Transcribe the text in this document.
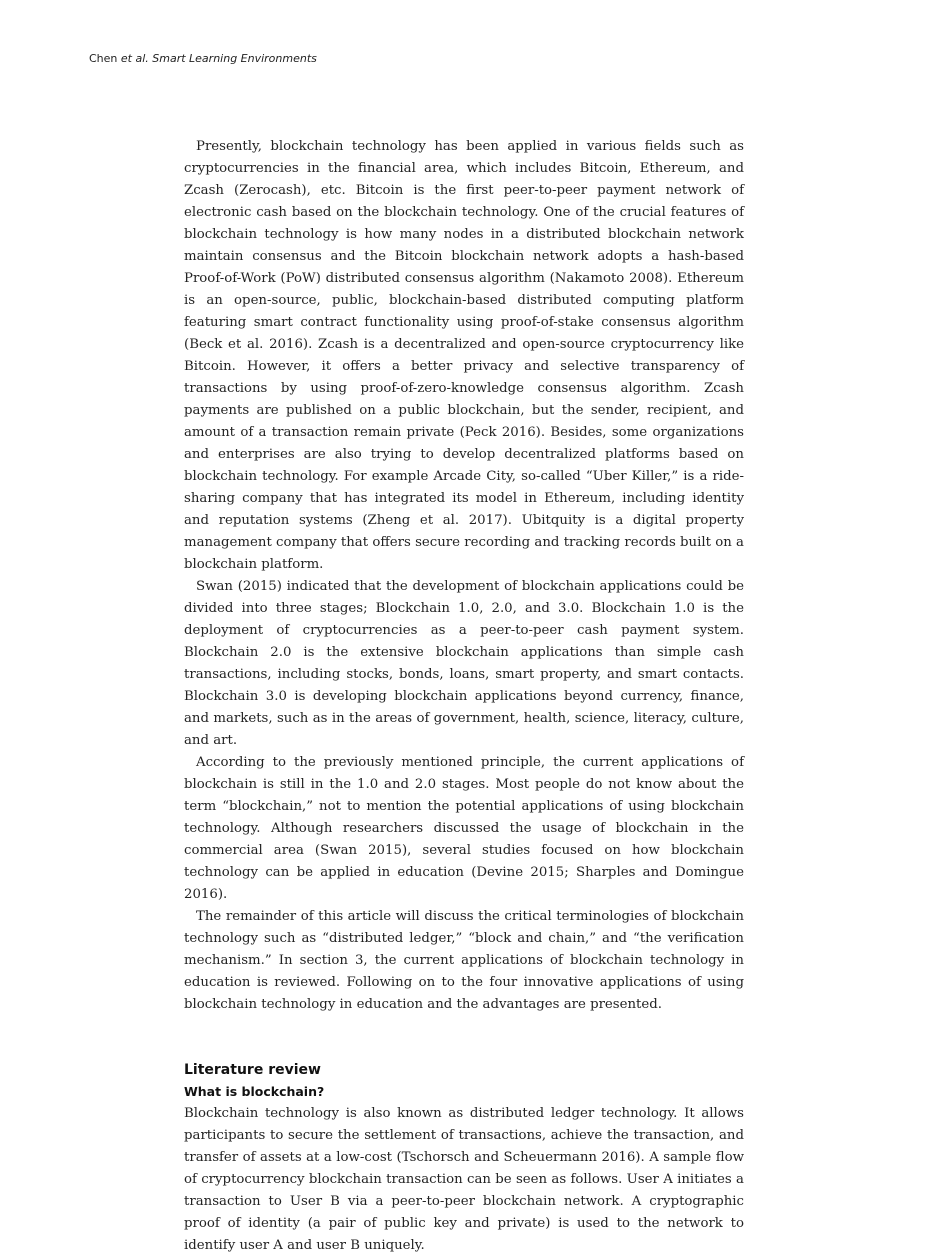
Chen et al. Smart Learning Environments

Presently, blockchain technology has been applied in various fields such as cryptocurrencies in the financial area, which includes Bitcoin, Ethereum, and Zcash (Zerocash), etc. Bitcoin is the first peer-to-peer payment network of electronic cash based on the blockchain technology. One of the crucial features of blockchain technology is how many nodes in a distributed blockchain network maintain consensus and the Bitcoin blockchain network adopts a hash-based Proof-of-Work (PoW) distributed consensus algorithm (Nakamoto 2008). Ethereum is an open-source, public, blockchain-based distributed computing platform featuring smart contract functionality using proof-of-stake consensus algorithm (Beck et al. 2016). Zcash is a decentralized and open-source cryptocurrency like Bitcoin. However, it offers a better privacy and selective transparency of transactions by using proof-of-zero-knowledge consensus algorithm. Zcash payments are published on a public blockchain, but the sender, recipient, and amount of a transaction remain private (Peck 2016). Besides, some organizations and enterprises are also trying to develop decentralized platforms based on blockchain technology. For example Arcade City, so-called “Uber Killer,” is a ride-sharing company that has integrated its model in Ethereum, including identity and reputation systems (Zheng et al. 2017). Ubitquity is a digital property management company that offers secure recording and tracking records built on a blockchain platform.

Swan (2015) indicated that the development of blockchain applications could be divided into three stages; Blockchain 1.0, 2.0, and 3.0. Blockchain 1.0 is the deployment of cryptocurrencies as a peer-to-peer cash payment system. Blockchain 2.0 is the extensive blockchain applications than simple cash transactions, including stocks, bonds, loans, smart property, and smart contacts. Blockchain 3.0 is developing blockchain applications beyond currency, finance, and markets, such as in the areas of government, health, science, literacy, culture, and art.

According to the previously mentioned principle, the current applications of blockchain is still in the 1.0 and 2.0 stages. Most people do not know about the term “blockchain,” not to mention the potential applications of using blockchain technology. Although researchers discussed the usage of blockchain in the commercial area (Swan 2015), several studies focused on how blockchain technology can be applied in education (Devine 2015; Sharples and Domingue 2016).

The remainder of this article will discuss the critical terminologies of blockchain technology such as “distributed ledger,” “block and chain,” and “the verification mechanism.” In section 3, the current applications of blockchain technology in education is reviewed. Following on to the four innovative applications of using blockchain technology in education and the advantages are presented.

Literature review
What is blockchain?

Blockchain technology is also known as distributed ledger technology. It allows participants to secure the settlement of transactions, achieve the transaction, and transfer of assets at a low-cost (Tschorsch and Scheuermann 2016). A sample flow of cryptocurrency blockchain transaction can be seen as follows. User A initiates a transaction to User B via a peer-to-peer blockchain network. A cryptographic proof of identity (a pair of public key and private) is used to the network to identify user A and user B uniquely.
